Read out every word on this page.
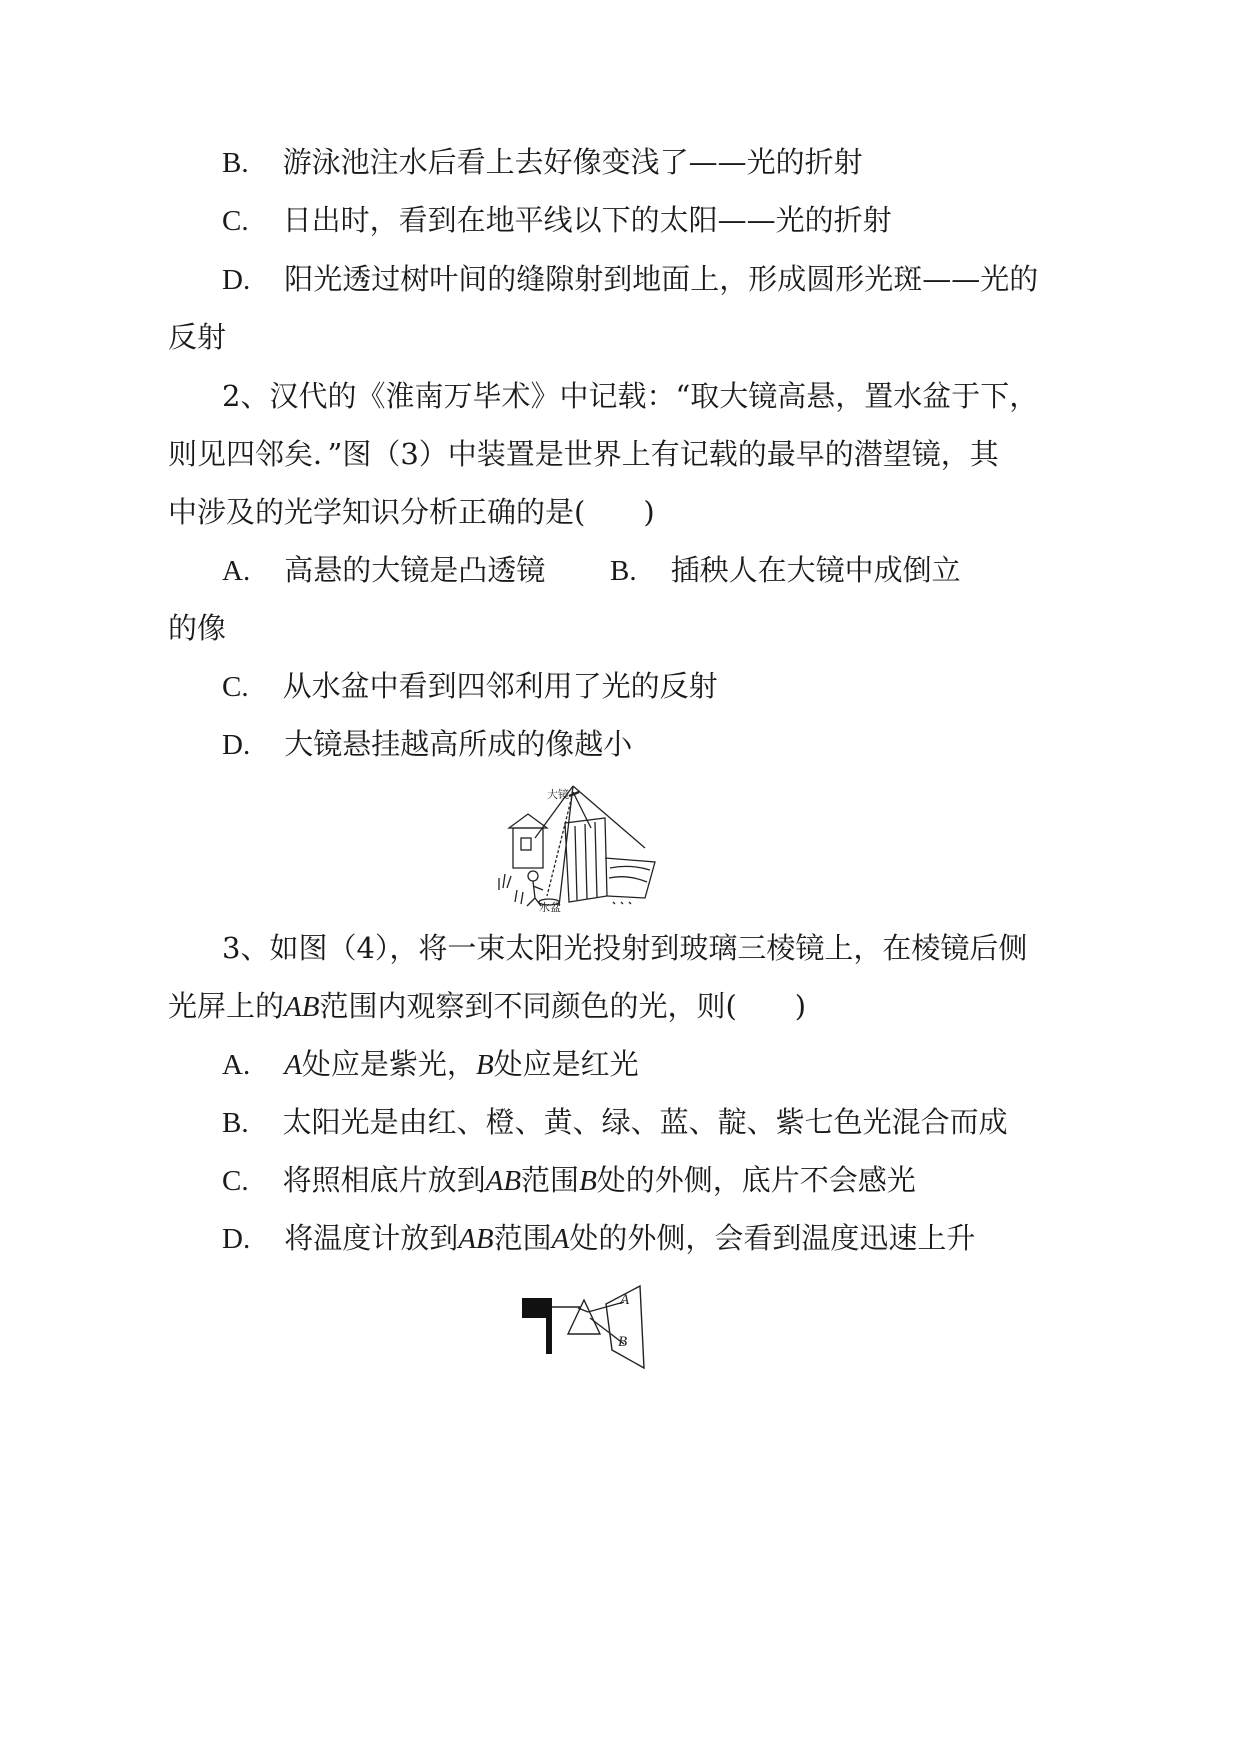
B. 游泳池注水后看上去好像变浅了——光的折射
C. 日出时，看到在地平线以下的太阳——光的折射
D. 阳光透过树叶间的缝隙射到地面上，形成圆形光斑——光的
反射
2、汉代的《淮南万毕术》中记载：“取大镜高悬，置水盆于下，
则见四邻矣．”图（3）中装置是世界上有记载的最早的潜望镜，其
中涉及的光学知识分析正确的是(　　)
A. 高悬的大镜是凸透镜 B. 插秧人在大镜中成倒立
的像
C. 从水盆中看到四邻利用了光的反射
D. 大镜悬挂越高所成的像越小
大镜
水盆
3、如图（4），将一束太阳光投射到玻璃三棱镜上，在棱镜后侧
光屏上的AB范围内观察到不同颜色的光，则(　　)
A. A处应是紫光，B处应是红光
B. 太阳光是由红、橙、黄、绿、蓝、靛、紫七色光混合而成
C. 将照相底片放到AB范围B处的外侧，底片不会感光
D. 将温度计放到AB范围A处的外侧，会看到温度迅速上升
A
B
